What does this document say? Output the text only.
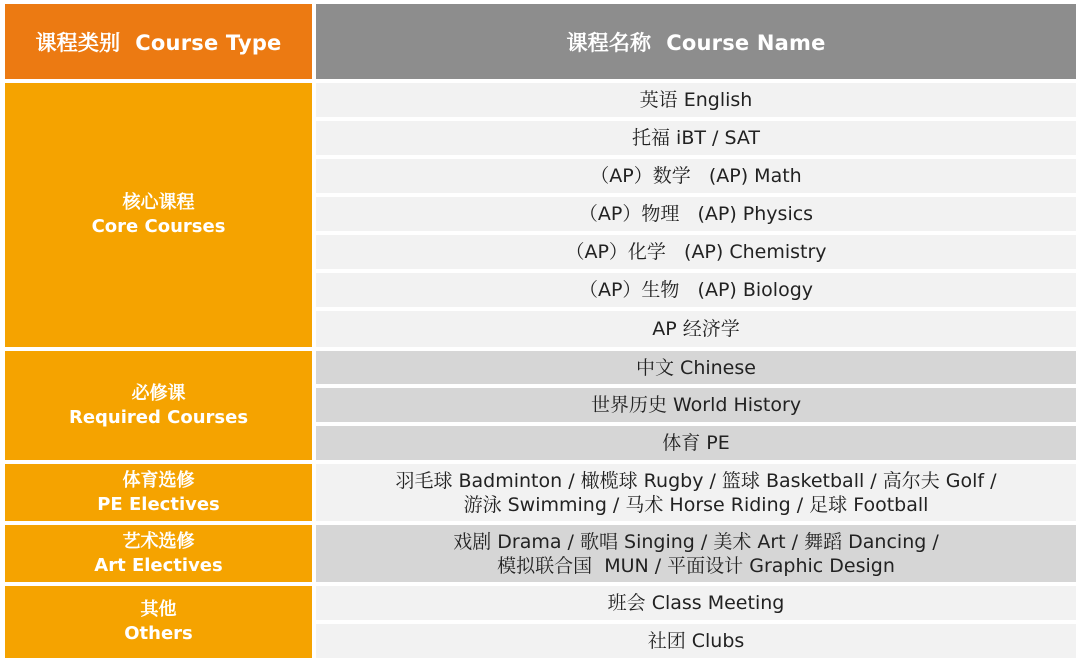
课程类别  Course Type	课程名称  Course Name
核心课程
Core Courses
必修课
Required Courses
体育选修
PE Electives
艺术选修
Art Electives
其他
Others
英语 English
托福 iBT / SAT
（AP）数学   (AP) Math
（AP）物理   (AP) Physics
（AP）化学   (AP) Chemistry
（AP）生物   (AP) Biology
AP 经济学
中文 Chinese
世界历史 World History
体育 PE
羽毛球 Badminton / 橄榄球 Rugby / 篮球 Basketball / 高尔夫 Golf /
游泳 Swimming / 马术 Horse Riding / 足球 Football
戏剧 Drama / 歌唱 Singing / 美术 Art / 舞蹈 Dancing /
模拟联合国  MUN / 平面设计 Graphic Design
班会 Class Meeting
社团 Clubs
